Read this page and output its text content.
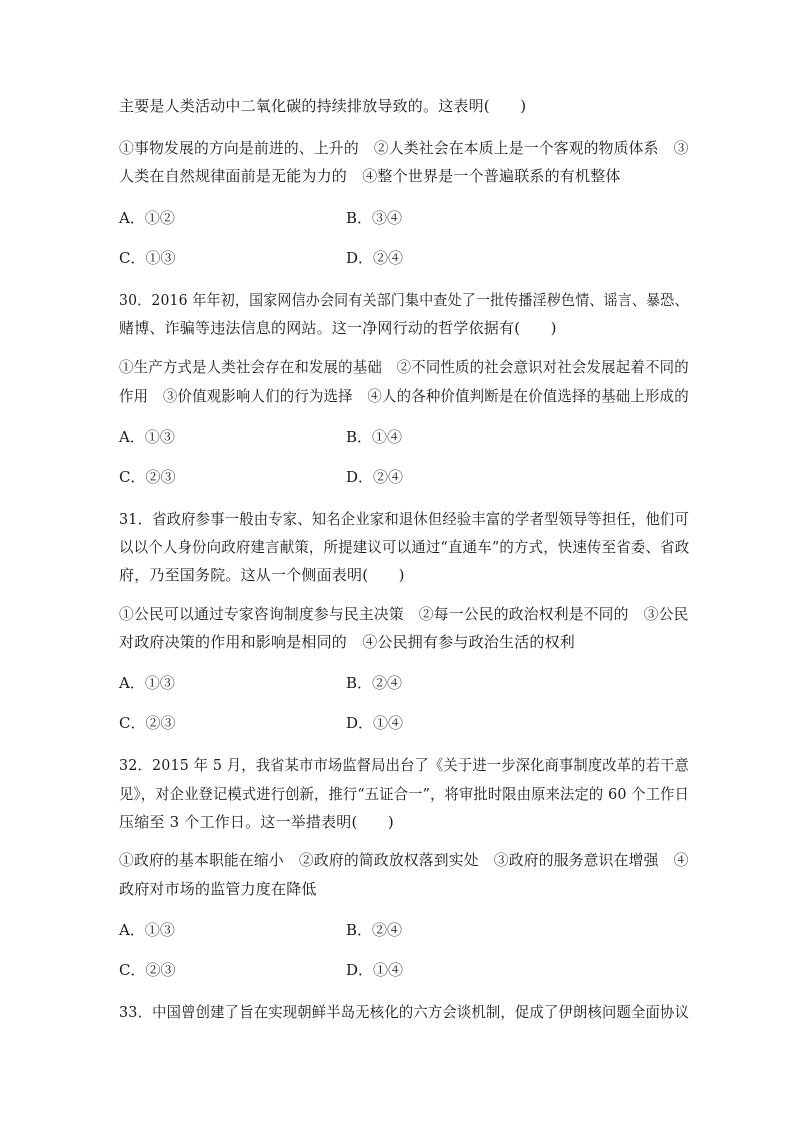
主要是人类活动中二氧化碳的持续排放导致的。这表明(　　)
①事物发展的方向是前进的、上升的　②人类社会在本质上是一个客观的物质体系　③
人类在自然规律面前是无能为力的　④整个世界是一个普遍联系的有机整体
A．①②	B．③④
C．①③	D．②④
30．2016 年年初，国家网信办会同有关部门集中查处了一批传播淫秽色情、谣言、暴恐、
赌博、诈骗等违法信息的网站。这一净网行动的哲学依据有(　　)
①生产方式是人类社会存在和发展的基础　②不同性质的社会意识对社会发展起着不同的
作用　③价值观影响人们的行为选择　④人的各种价值判断是在价值选择的基础上形成的
A．①③	B．①④
C．②③	D．②④
31．省政府参事一般由专家、知名企业家和退休但经验丰富的学者型领导等担任，他们可
以以个人身份向政府建言献策，所提建议可以通过“直通车”的方式，快速传至省委、省政
府，乃至国务院。这从一个侧面表明(　　)
①公民可以通过专家咨询制度参与民主决策　②每一公民的政治权利是不同的　③公民
对政府决策的作用和影响是相同的　④公民拥有参与政治生活的权利
A．①③	B．②④
C．②③	D．①④
32．2015 年 5 月，我省某市市场监督局出台了《关于进一步深化商事制度改革的若干意
见》，对企业登记模式进行创新，推行“五证合一”，将审批时限由原来法定的 60 个工作日
压缩至 3 个工作日。这一举措表明(　　)
①政府的基本职能在缩小　②政府的简政放权落到实处　③政府的服务意识在增强　④
政府对市场的监管力度在降低
A．①③	B．②④
C．②③	D．①④
33．中国曾创建了旨在实现朝鲜半岛无核化的六方会谈机制，促成了伊朗核问题全面协议
